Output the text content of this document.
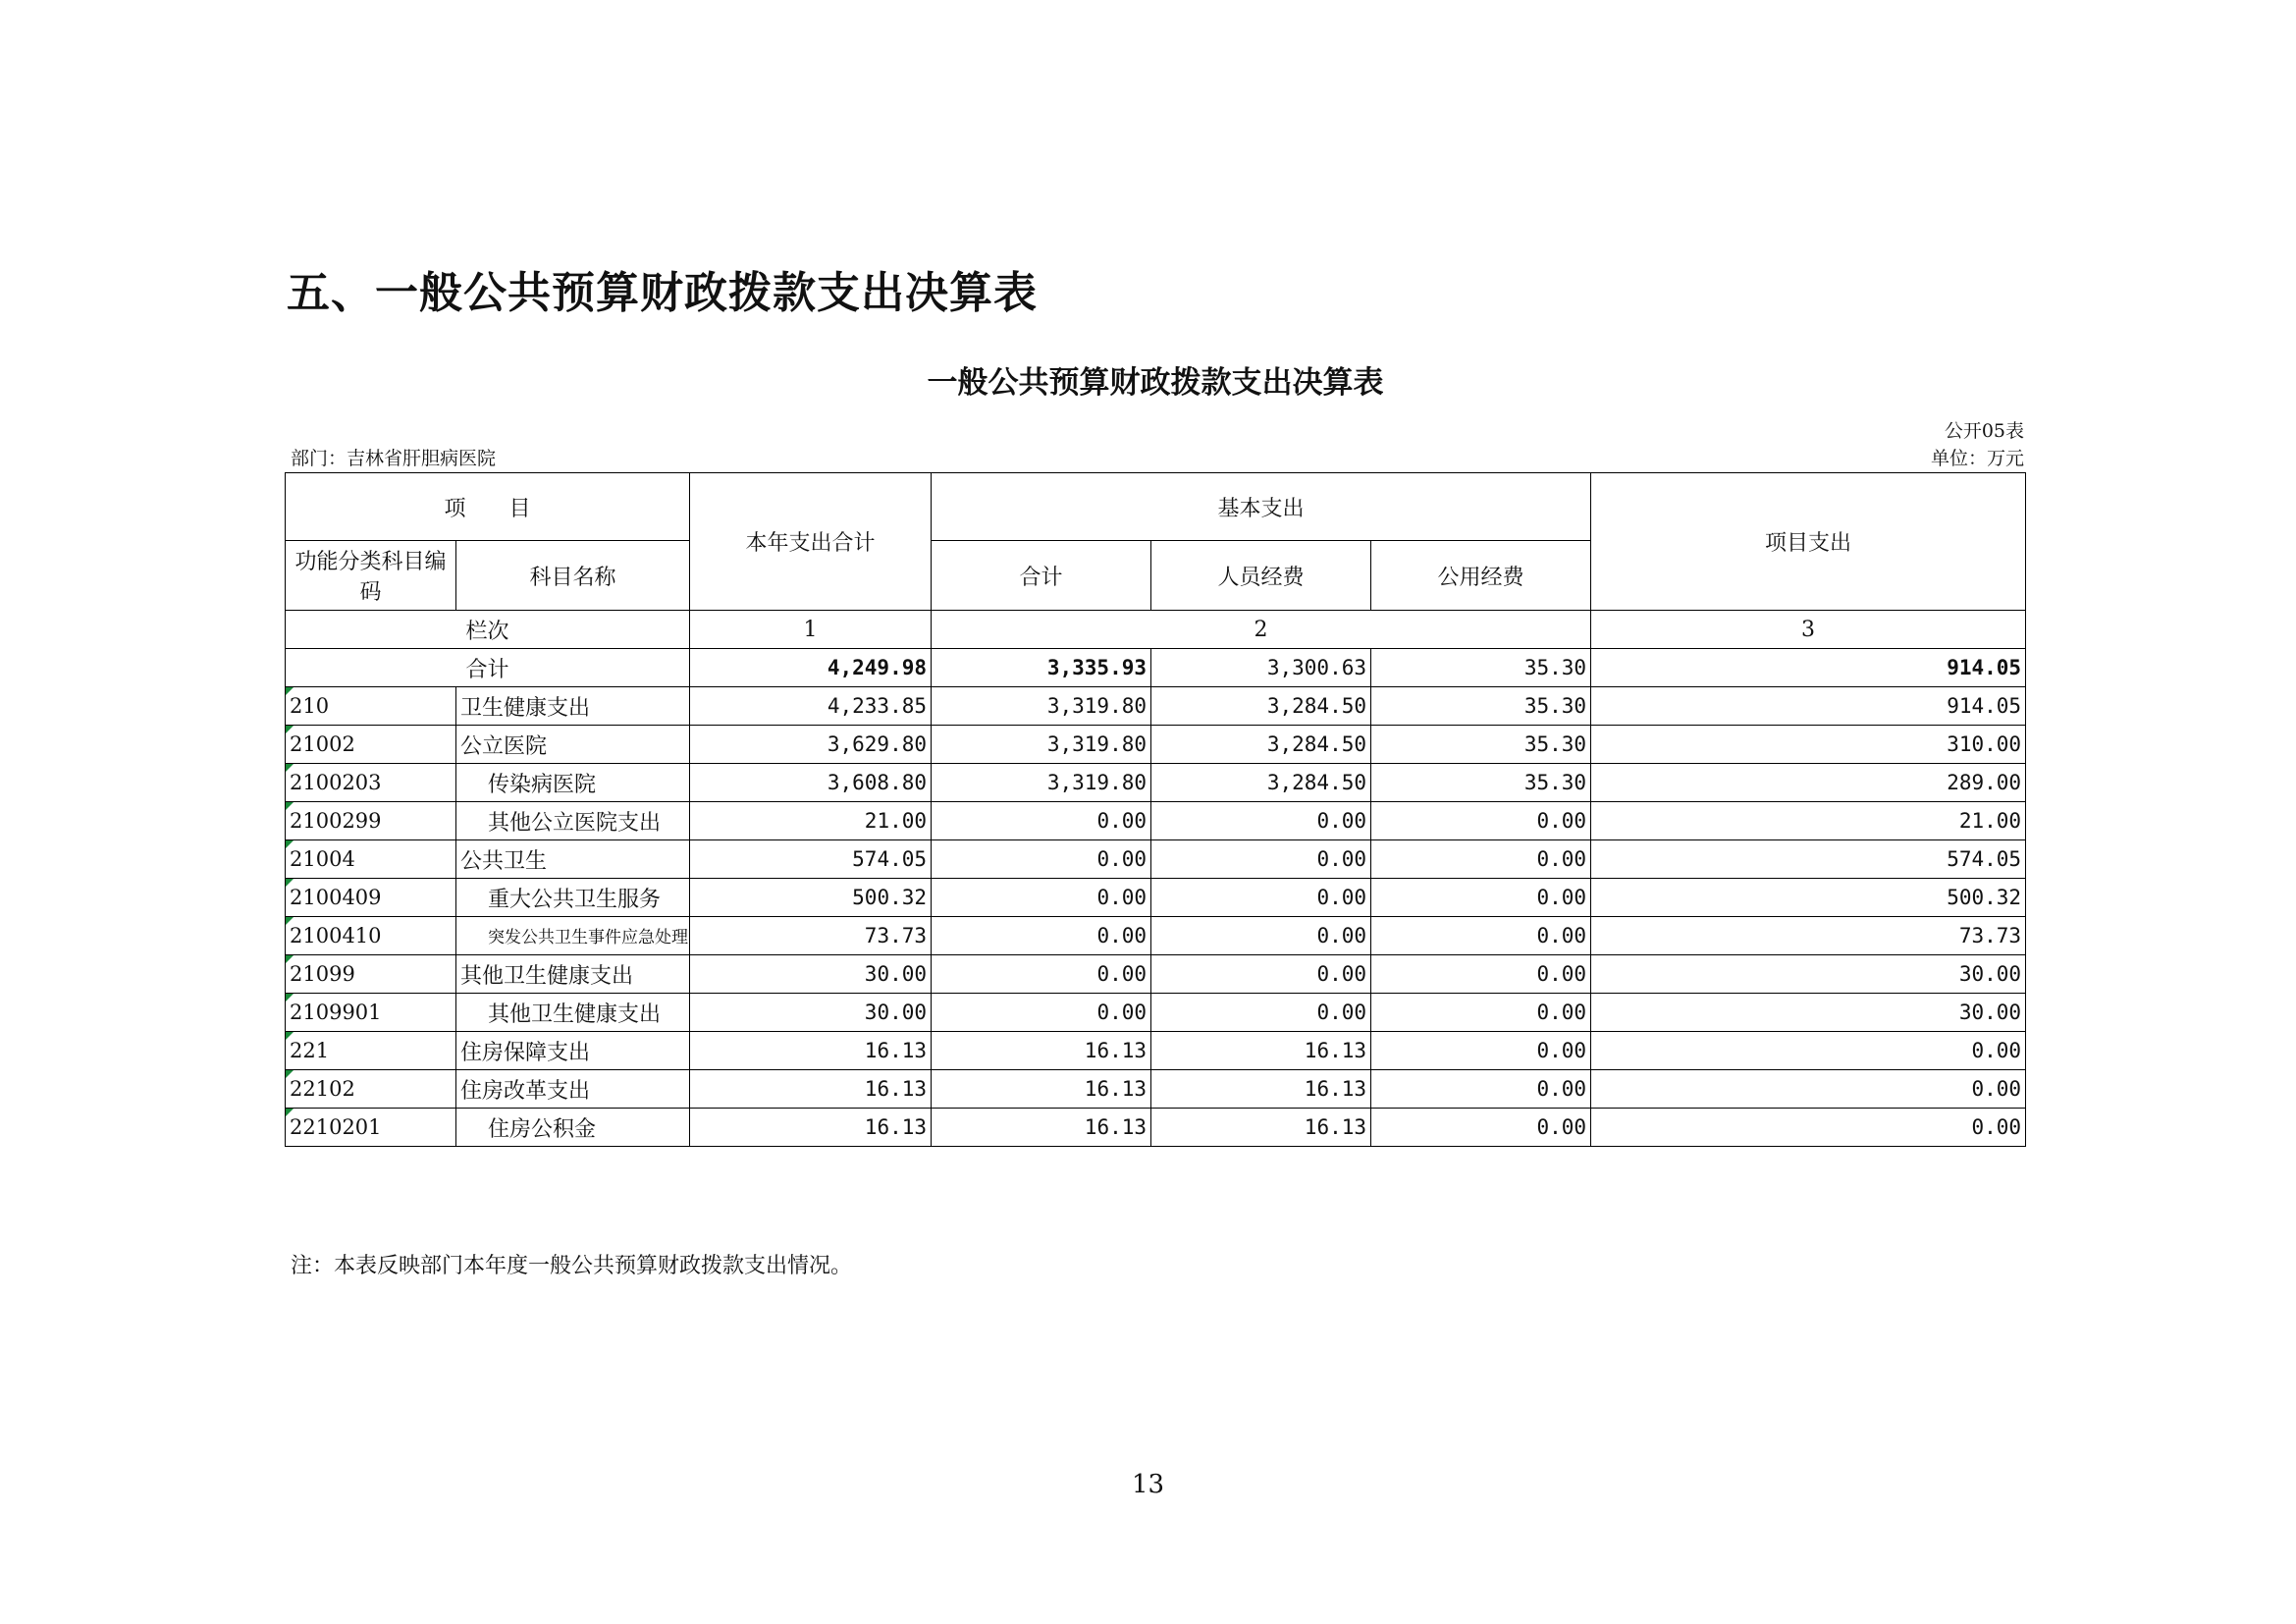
五、一般公共预算财政拨款支出决算表
一般公共预算财政拨款支出决算表
公开05表
部门：吉林省肝胆病医院	单位：万元
项　　目		本年支出合计	基本支出			项目支出
功能分类科目编码	科目名称					
			合计	人员经费	公用经费	
栏次		1	2			3
合计		4,249.98	3,335.93	3,300.63	35.30	914.05
210	卫生健康支出	4,233.85	3,319.80	3,284.50	35.30	914.05
21002	公立医院	3,629.80	3,319.80	3,284.50	35.30	310.00
2100203	传染病医院	3,608.80	3,319.80	3,284.50	35.30	289.00
2100299	其他公立医院支出	21.00	0.00	0.00	0.00	21.00
21004	公共卫生	574.05	0.00	0.00	0.00	574.05
2100409	重大公共卫生服务	500.32	0.00	0.00	0.00	500.32
2100410	突发公共卫生事件应急处理	73.73	0.00	0.00	0.00	73.73
21099	其他卫生健康支出	30.00	0.00	0.00	0.00	30.00
2109901	其他卫生健康支出	30.00	0.00	0.00	0.00	30.00
221	住房保障支出	16.13	16.13	16.13	0.00	0.00
22102	住房改革支出	16.13	16.13	16.13	0.00	0.00
2210201	住房公积金	16.13	16.13	16.13	0.00	0.00
注：本表反映部门本年度一般公共预算财政拨款支出情况。
13
